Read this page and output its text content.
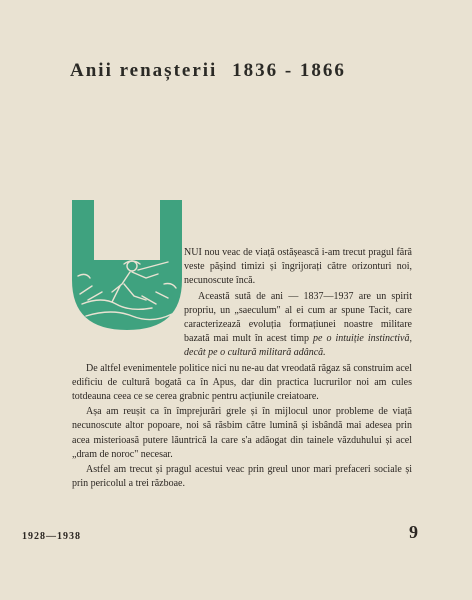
Anii renașterii 1836 - 1866

NUI nou veac de viață ostășească i-am trecut pragul fără veste pășind timizi și îngrijorați către orizonturi noi, necunoscute încă.

Această sută de ani — 1837—1937 are un spirit propriu, un „saeculum" al ei cum ar spune Tacit, care caracterizează evoluția formațiunei noastre militare bazată mai mult în acest timp pe o intuiție instinctivă, decât pe o cultură militară adâncă.

De altfel evenimentele politice nici nu ne-au dat vreodată răgaz să construim acel edificiu de cultură bogată ca în Apus, dar din practica lucrurilor noi am cules totdeauna ceea ce se cerea grabnic pentru acțiunile creiatoare.

Așa am reușit ca în împrejurări grele și în mijlocul unor probleme de viață necunoscute altor popoare, noi să răsbim către lumină și isbândă mai adesea prin acea misterioasă putere lăuntrică la care s'a adăogat din tainele văzduhului și acel „dram de noroc" necesar.

Astfel am trecut și pragul acestui veac prin greul unor mari prefaceri sociale și prin pericolul a trei războae.

1928—1938	9
